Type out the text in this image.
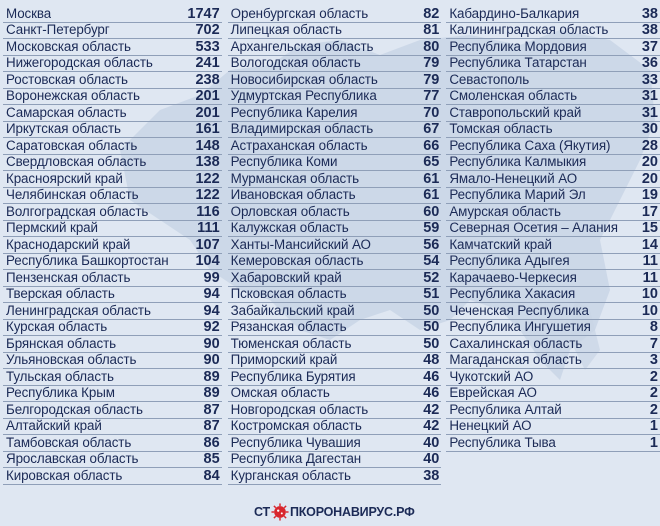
Москва	1747
Санкт-Петербург	702
Московская область	533
Нижегородская область	241
Ростовская область	238
Воронежская область	201
Самарская область	201
Иркутская область	161
Саратовская область	148
Свердловская область	138
Красноярский край	122
Челябинская область	122
Волгоградская область	116
Пермский край	111
Краснодарский край	107
Республика Башкортостан 104
Пензенская область	99
Тверская область	94
Ленинградская область	94
Курская область	92
Брянская область	90
Ульяновская область	90
Тульская область	89
Республика Крым	89
Белгородская область	87
Алтайский край	87
Тамбовская область	86
Ярославская область	85
Кировская область	84
Оренбургская область	82
Липецкая область	81
Архангельская область	80
Вологодская область	79
Новосибирская область	79
Удмуртская Республика	77
Республика Карелия	70
Владимирская область	67
Астраханская область	66
Республика Коми	65
Мурманская область	61
Ивановская область	61
Орловская область	60
Калужская область	59
Ханты-Мансийский АО	56
Кемеровская область	54
Хабаровский край	52
Псковская область	51
Забайкальский край	50
Рязанская область	50
Тюменская область	50
Приморский край	48
Республика Бурятия	46
Омская область	46
Новгородская область	42
Костромская область	42
Республика Чувашия	40
Республика Дагестан	40
Курганская область	38
Кабардино-Балкария	38
Калининградская область 38
Республика Мордовия	37
Республика Татарстан	36
Севастополь	33
Смоленская область	31
Ставропольский край	31
Томская область	30
Республика Саха (Якутия) 28
Республика Калмыкия	20
Ямало-Ненецкий АО	20
Республика Марий Эл	19
Амурская область	17
Северная Осетия – Алания 15
Камчатский край	14
Республика Адыгея	11
Карачаево-Черкесия	11
Республика Хакасия	10
Чеченская Республика	10
Республика Ингушетия	8
Сахалинская область	7
Магаданская область	3
Чукотский АО	2
Еврейская АО	2
Республика Алтай	2
Ненецкий АО	1
Республика Тыва	1
СТ ПКОРОНАВИРУС.РФ
